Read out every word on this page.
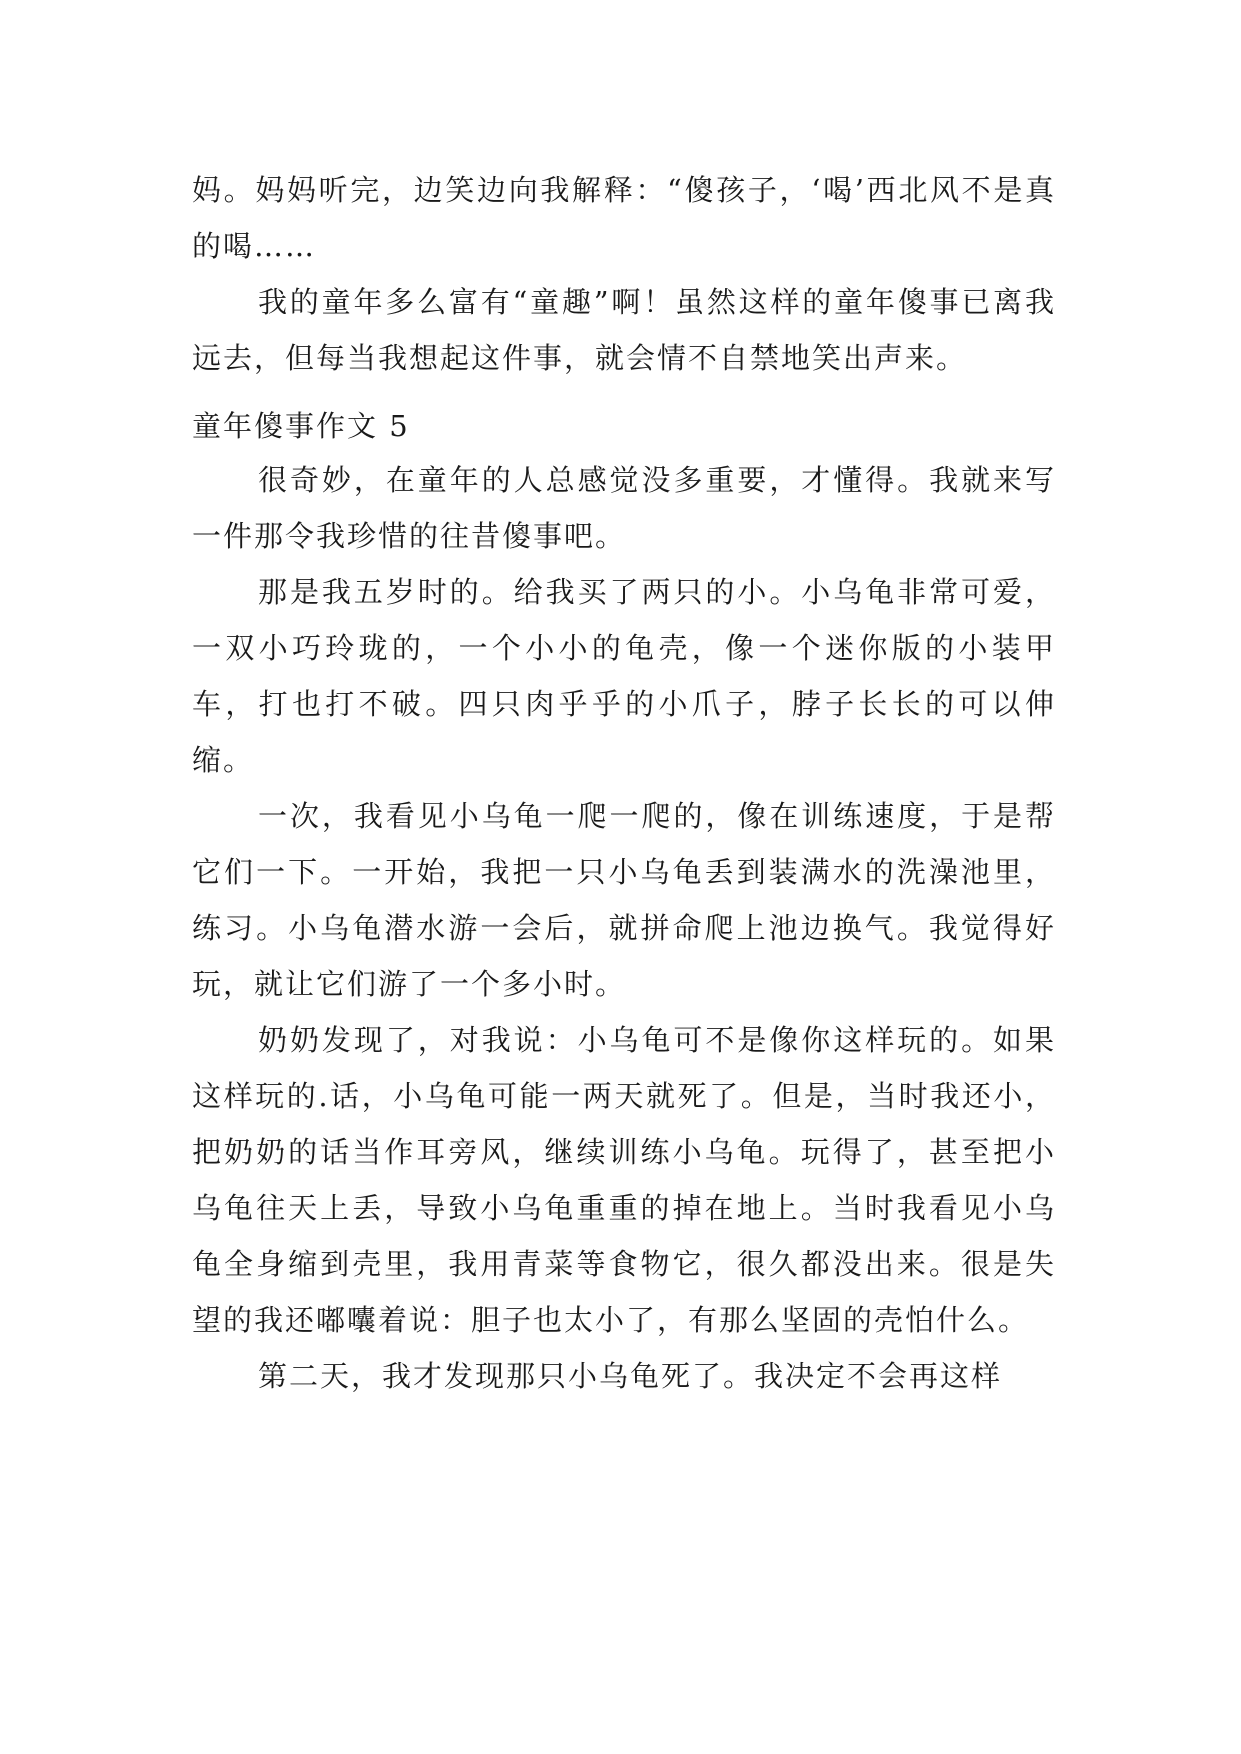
妈。妈妈听完，边笑边向我解释：“傻孩子，‘喝’西北风不是真的喝……

我的童年多么富有“童趣”啊！虽然这样的童年傻事已离我远去，但每当我想起这件事，就会情不自禁地笑出声来。

童年傻事作文 5

很奇妙，在童年的人总感觉没多重要，才懂得。我就来写一件那令我珍惜的往昔傻事吧。

那是我五岁时的。给我买了两只的小。小乌龟非常可爱，一双小巧玲珑的，一个小小的龟壳，像一个迷你版的小装甲车，打也打不破。四只肉乎乎的小爪子，脖子长长的可以伸缩。

一次，我看见小乌龟一爬一爬的，像在训练速度，于是帮它们一下。一开始，我把一只小乌龟丢到装满水的洗澡池里，练习。小乌龟潜水游一会后，就拼命爬上池边换气。我觉得好玩，就让它们游了一个多小时。

奶奶发现了，对我说：小乌龟可不是像你这样玩的。如果这样玩的.话，小乌龟可能一两天就死了。但是，当时我还小，把奶奶的话当作耳旁风，继续训练小乌龟。玩得了，甚至把小乌龟往天上丢，导致小乌龟重重的掉在地上。当时我看见小乌龟全身缩到壳里，我用青菜等食物它，很久都没出来。很是失望的我还嘟囔着说：胆子也太小了，有那么坚固的壳怕什么。

第二天，我才发现那只小乌龟死了。我决定不会再这样
